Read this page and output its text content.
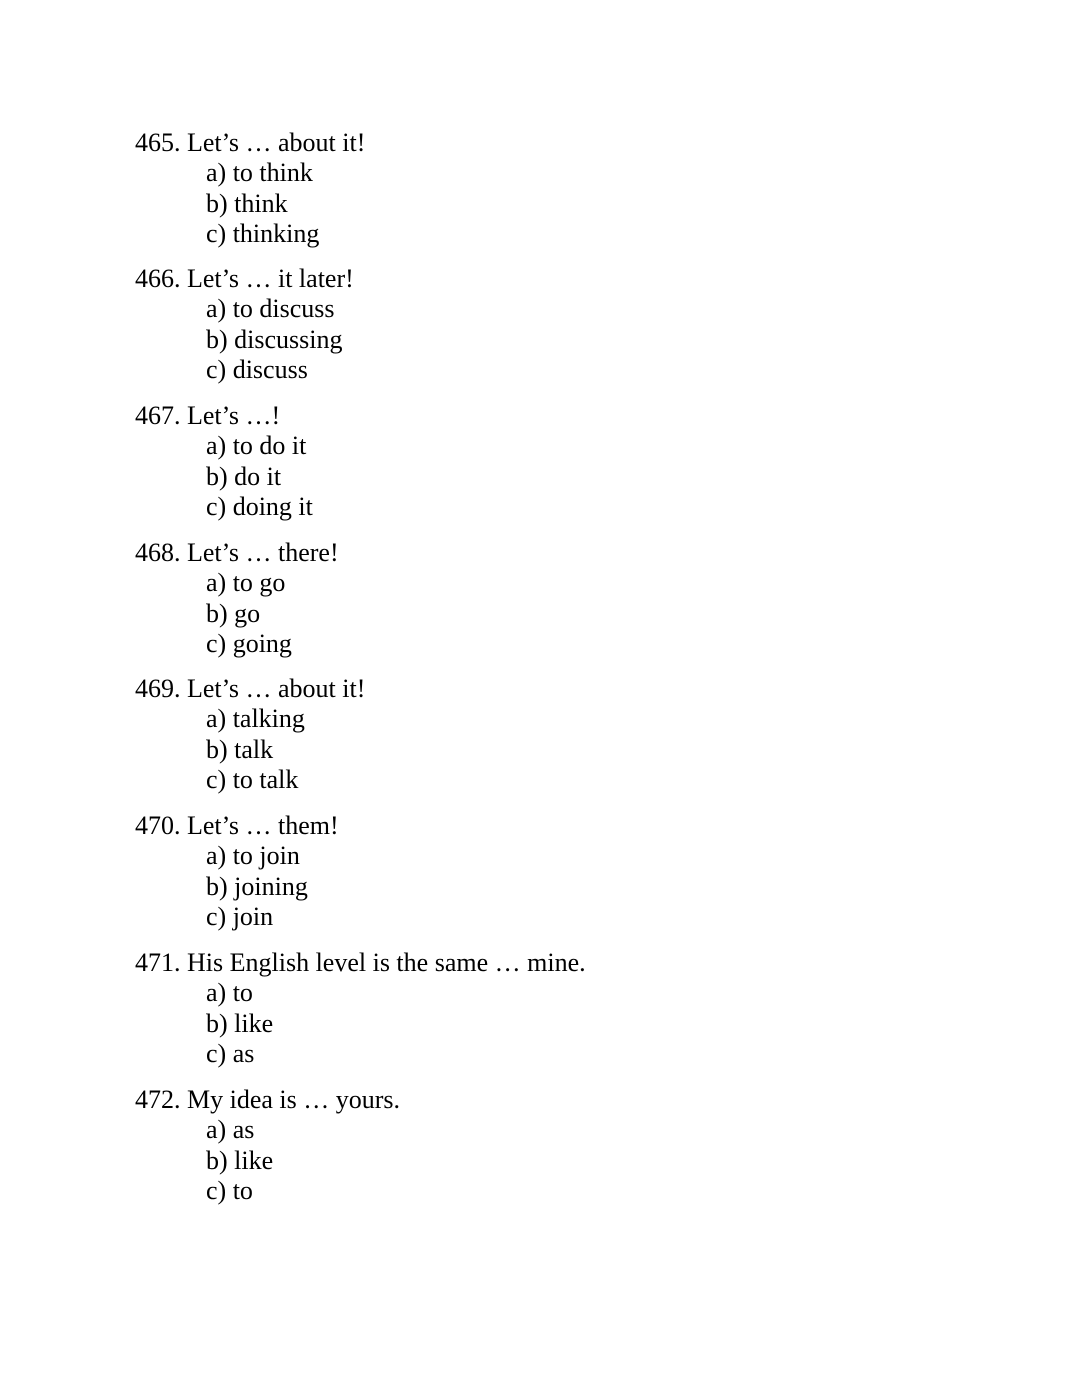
465. Let’s … about it!
a) to think
b) think
c) thinking
466. Let’s … it later!
a) to discuss
b) discussing
c) discuss
467. Let’s …!
a) to do it
b) do it
c) doing it
468. Let’s … there!
a) to go
b) go
c) going
469. Let’s … about it!
a) talking
b) talk
c) to talk
470. Let’s … them!
a) to join
b) joining
c) join
471. His English level is the same … mine.
a) to
b) like
c) as
472. My idea is … yours.
a) as
b) like
c) to
